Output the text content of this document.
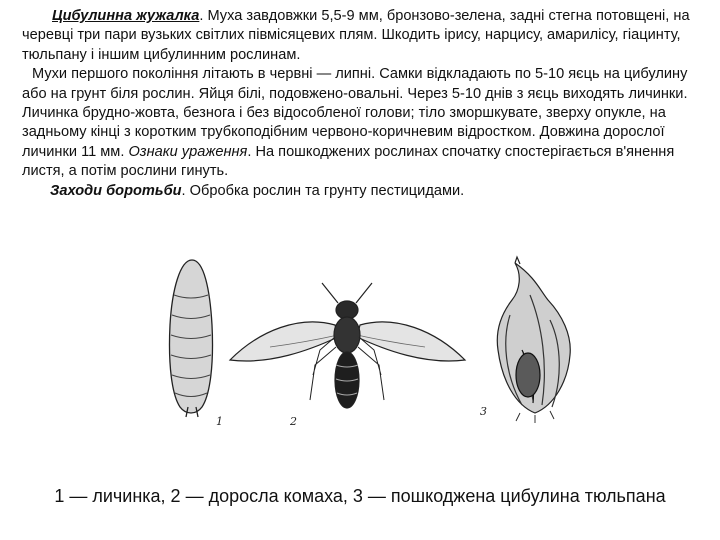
Цибулинна жужалка. Муха завдовжки 5,5-9 мм, бронзово-зелена, задні стегна потовщені, на черевці три пари вузьких світлих півмісяцевих плям. Шкодить ірису, нарцису, амарилісу, гіацинту, тюльпану і іншим цибулинним рослинам.

Мухи першого покоління літають в червні — липні. Самки відкладають по 5-10 яєць на цибулину або на грунт біля рослин. Яйця білі, подовжено-овальні. Через 5-10 днів з яєць виходять личинки. Личинка брудно-жовта, безнога і без відособленої голови; тіло зморшкувате, зверху опукле, на задньому кінці з коротким трубкоподібним червоно-коричневим відростком. Довжина дорослої личинки 11 мм. Ознаки ураження. На пошкоджених рослинах спочатку спостерігається в'янення листя, а потім рослини гинуть.

Заходи боротьби. Обробка рослин та грунту пестицидами.

1	2
3
1 — личинка, 2 — доросла комаха, 3 — пошкоджена цибулина тюльпана
